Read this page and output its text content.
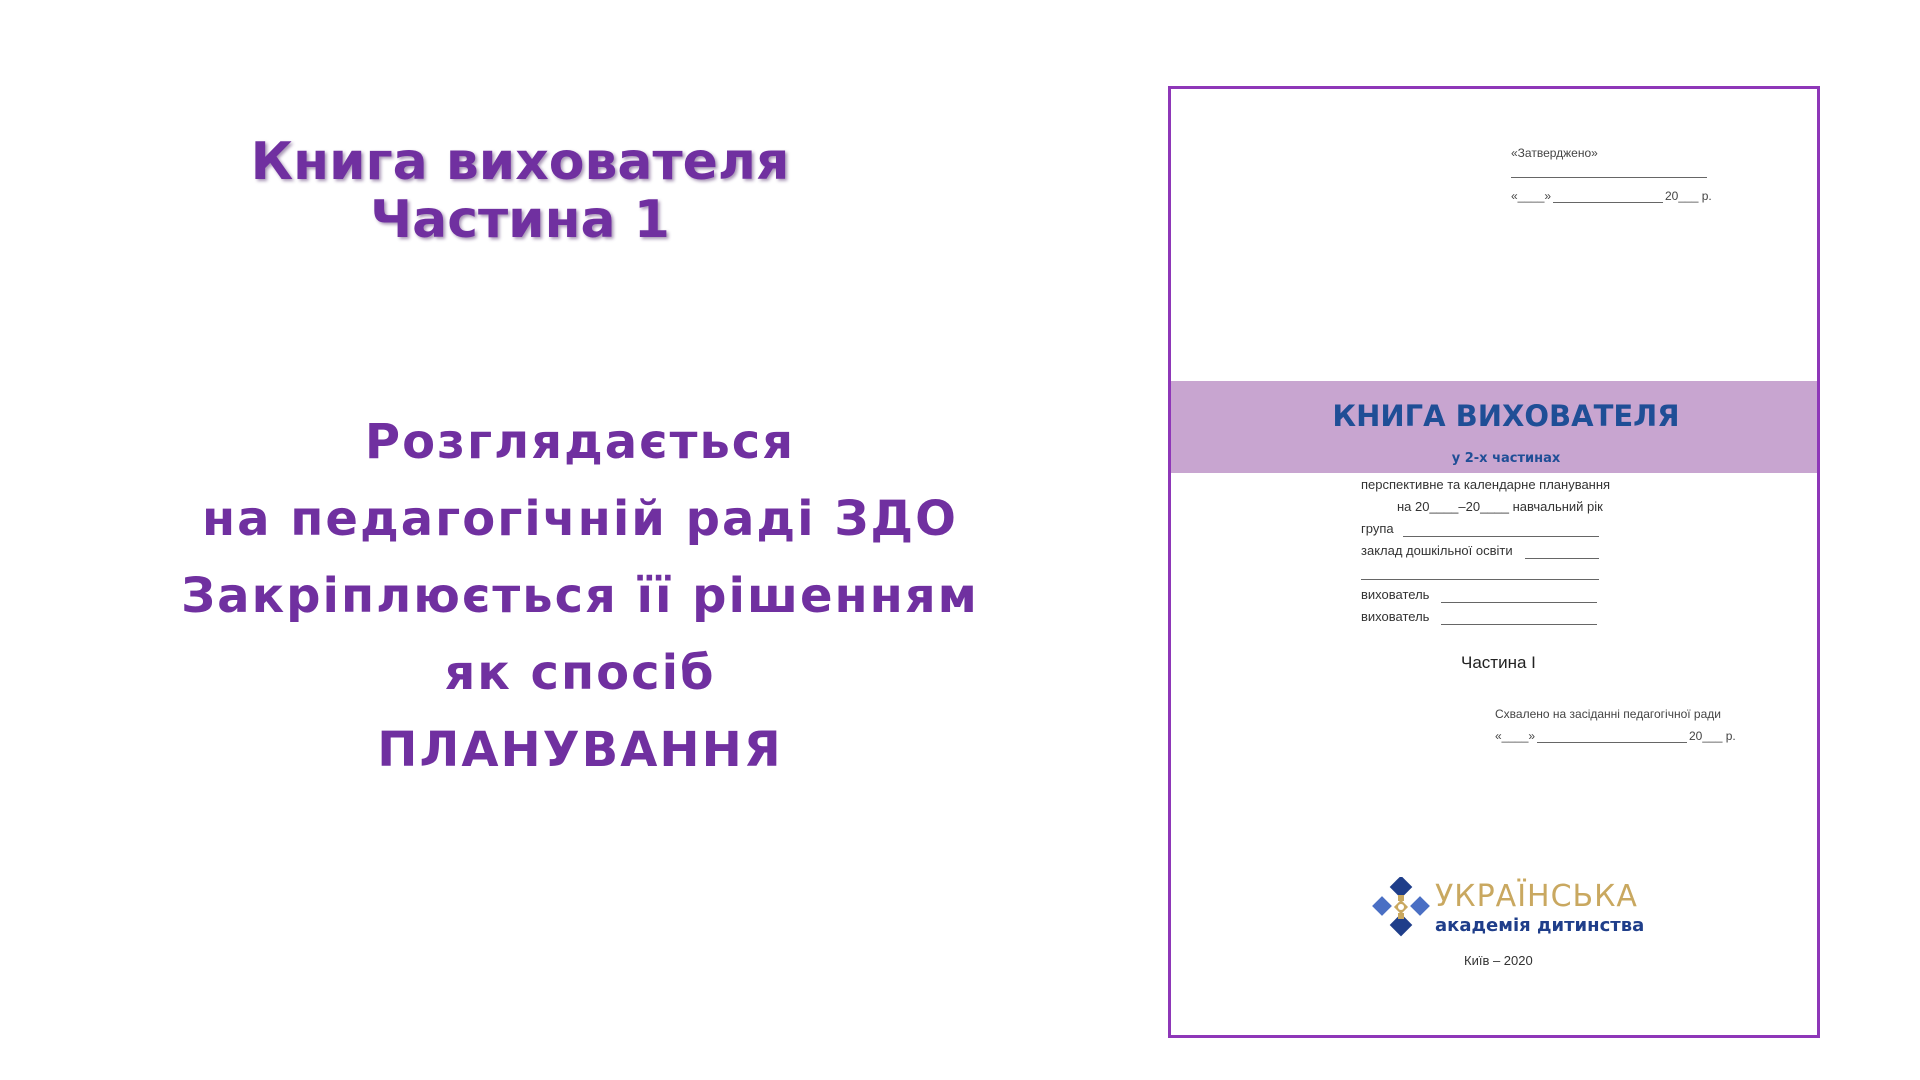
Книга вихователя
Частина 1
Розглядається
на педагогічній раді ЗДО
Закріплюється її рішенням
як спосіб
ПЛАНУВАННЯ
«Затверджено»
«____»	20___ р.
КНИГА ВИХОВАТЕЛЯ
у 2-х частинах
перспективне та календарне планування
на 20____–20____ навчальний рік
група
заклад дошкільної освіти
вихователь
вихователь
Частина I
Схвалено на засіданні педагогічної ради
«____»	20___ р.
УКРАЇНСЬКА
академія дитинства
Київ – 2020
